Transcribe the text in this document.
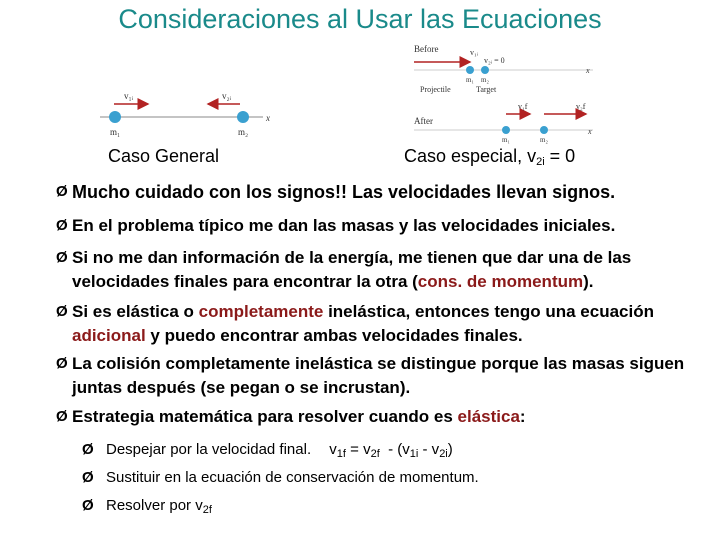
Consideraciones al Usar las Ecuaciones
v₁ᵢ	v₂ᵢ
m₁	m₂
x
Caso General
Before	v₁ᵢ
v₂ᵢ = 0
m₁ m₂
Projectile	Target
x
After
v₁f	v₂f
m₁	m₂
x
Caso especial, $v_{2i} = 0$
Ø Mucho cuidado con los signos!! Las velocidades llevan signos.
Ø En el problema típico me dan las masas y las velocidades iniciales.
Ø Si no me dan información de la energía, me tienen que dar una de las velocidades finales para encontrar la otra (cons. de momentum).
Ø Si es elástica o completamente inelástica, entonces tengo una ecuación adicional y puedo encontrar ambas velocidades finales.
Ø La colisión completamente inelástica se distingue porque las masas siguen juntas después (se pegan o se incrustan).
Ø Estrategia matemática para resolver cuando es elástica:
Ø Despejar por la velocidad final. $v_{1f} = v_{2f} - (v_{1i} - v_{2i})$
Ø Sustituir en la ecuación de conservación de momentum.
Ø Resolver por $v_{2f}$
